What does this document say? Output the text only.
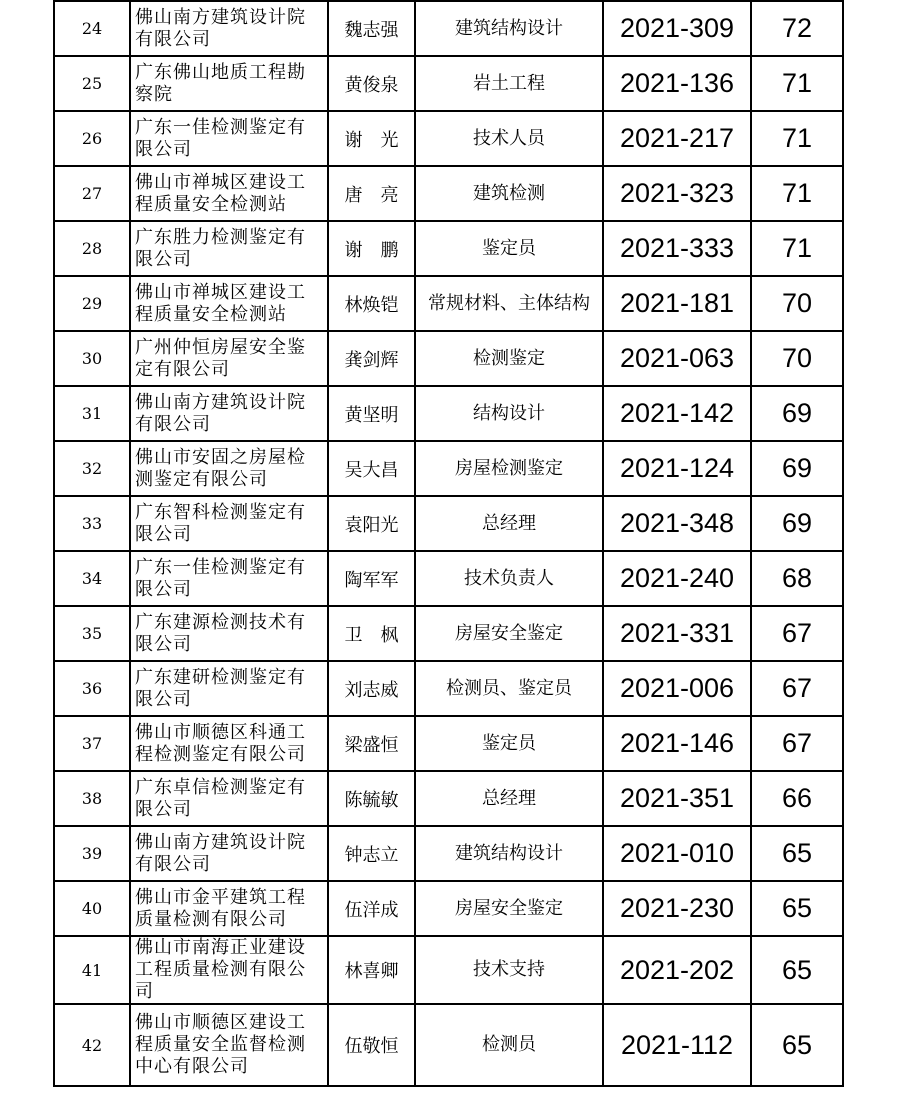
24	佛山南方建筑设计院有限公司	魏志强	建筑结构设计	2021-309	72
25	广东佛山地质工程勘察院	黄俊泉	岩土工程	2021-136	71
26	广东一佳检测鉴定有限公司	谢　光	技术人员	2021-217	71
27	佛山市禅城区建设工程质量安全检测站	唐　亮	建筑检测	2021-323	71
28	广东胜力检测鉴定有限公司	谢　鹏	鉴定员	2021-333	71
29	佛山市禅城区建设工程质量安全检测站	林焕铠	常规材料、主体结构	2021-181	70
30	广州仲恒房屋安全鉴定有限公司	龚剑辉	检测鉴定	2021-063	70
31	佛山南方建筑设计院有限公司	黄坚明	结构设计	2021-142	69
32	佛山市安固之房屋检测鉴定有限公司	吴大昌	房屋检测鉴定	2021-124	69
33	广东智科检测鉴定有限公司	袁阳光	总经理	2021-348	69
34	广东一佳检测鉴定有限公司	陶军军	技术负责人	2021-240	68
35	广东建源检测技术有限公司	卫　枫	房屋安全鉴定	2021-331	67
36	广东建研检测鉴定有限公司	刘志威	检测员、鉴定员	2021-006	67
37	佛山市顺德区科通工程检测鉴定有限公司	梁盛恒	鉴定员	2021-146	67
38	广东卓信检测鉴定有限公司	陈毓敏	总经理	2021-351	66
39	佛山南方建筑设计院有限公司	钟志立	建筑结构设计	2021-010	65
40	佛山市金平建筑工程质量检测有限公司	伍洋成	房屋安全鉴定	2021-230	65
41	佛山市南海正业建设工程质量检测有限公司	林喜卿	技术支持	2021-202	65
42	佛山市顺德区建设工程质量安全监督检测中心有限公司	伍敬恒	检测员	2021-112	65
